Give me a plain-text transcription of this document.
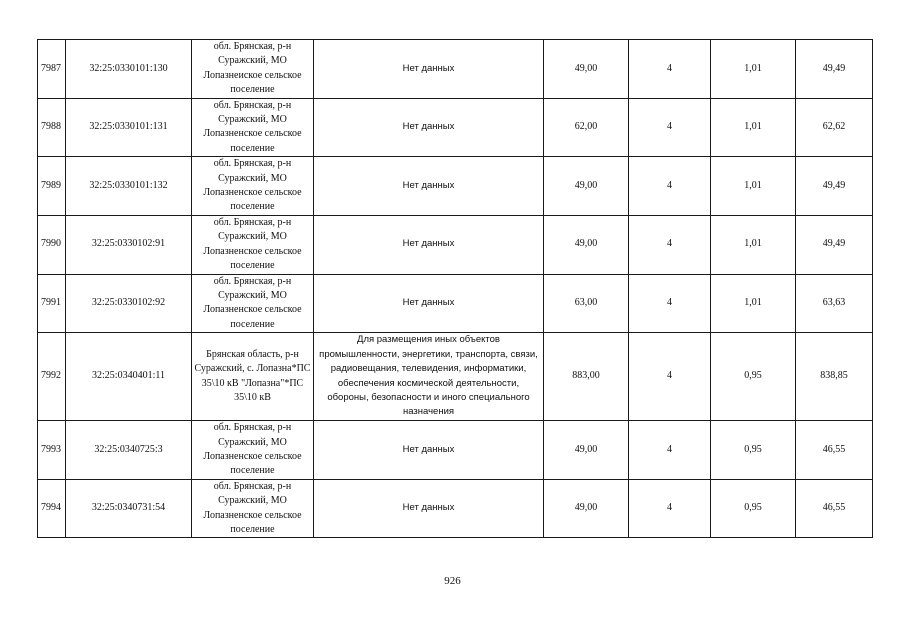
7987	32:25:0330101:130	обл. Брянская, р-н Суражский, МО Лопазнеиское сельское поселение	Нет данных	49,00	4	1,01	49,49
7988	32:25:0330101:131	обл. Брянская, р-н Суражский, МО Лопазненское сельское поселение	Нет данных	62,00	4	1,01	62,62
7989	32:25:0330101:132	обл. Брянская, р-н Суражский, МО Лопазненское сельское поселение	Нет данных	49,00	4	1,01	49,49
7990	32:25:0330102:91	обл. Брянская, р-н Суражский, МО Лопазненское сельское поселение	Нет данных	49,00	4	1,01	49,49
7991	32:25:0330102:92	обл. Брянская, р-н Суражский, МО Лопазненское сельское поселение	Нет данных	63,00	4	1,01	63,63
7992	32:25:0340401:11	Брянская область, р-н Суражский, с. Лопазна*ПС 35\10 кВ "Лопазна"*ПС 35\10 кВ	Для размещения иных объектов промышленности, энергетики, транспорта, связи, радиовещания, телевидения, информатики, обеспечения космической деятельности, обороны, безопасности и иного специального назначения	883,00	4	0,95	838,85
7993	32:25:0340725:3	обл. Брянская, р-н Суражский, МО Лопазненское сельское поселение	Нет данных	49,00	4	0,95	46,55
7994	32:25:0340731:54	обл. Брянская, р-н Суражский, МО Лопазненское сельское поселение	Нет данных	49,00	4	0,95	46,55
926
